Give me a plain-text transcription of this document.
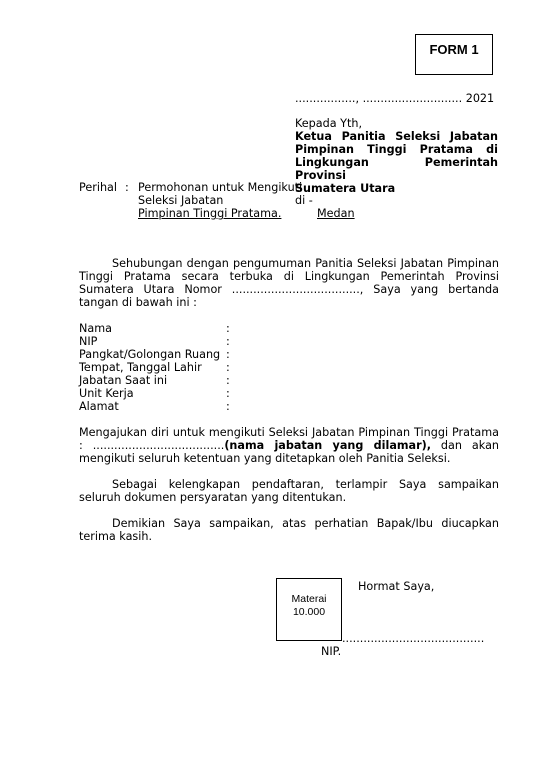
FORM 1
................., ............................ 2021
Kepada Yth,
Ketua Panitia Seleksi Jabatan
Pimpinan Tinggi Pratama di
Lingkungan Pemerintah Provinsi
Sumatera Utara
Perihal : Permohonan untuk Mengikuti
Seleksi Jabatan
Pimpinan Tinggi Pratama.
di -
Medan
Sehubungan dengan pengumuman Panitia Seleksi Jabatan Pimpinan Tinggi Pratama secara terbuka di Lingkungan Pemerintah Provinsi Sumatera Utara Nomor ...................................., Saya yang bertanda tangan di bawah ini :
Nama	:
NIP	:
Pangkat/Golongan Ruang :
Tempat, Tanggal Lahir :
Jabatan Saat ini	:
Unit Kerja	:
Alamat	:
Mengajukan diri untuk mengikuti Seleksi Jabatan Pimpinan Tinggi Pratama : .....................................(nama jabatan yang dilamar), dan akan mengikuti seluruh ketentuan yang ditetapkan oleh Panitia Seleksi.
Sebagai kelengkapan pendaftaran, terlampir Saya sampaikan seluruh dokumen persyaratan yang ditentukan.
Demikian Saya sampaikan, atas perhatian Bapak/Ibu diucapkan terima kasih.
Hormat Saya,
Materai
10.000
........................................
NIP.
